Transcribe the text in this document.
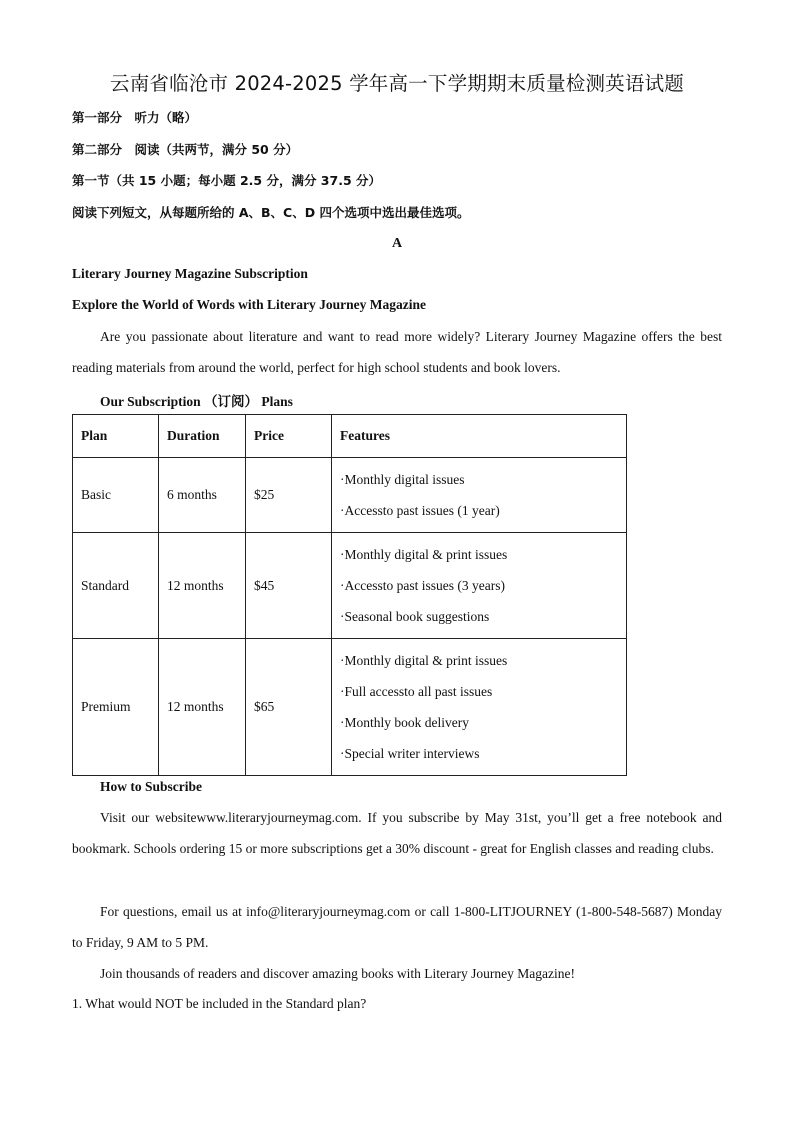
云南省临沧市 2024-2025 学年高一下学期期末质量检测英语试题
第一部分　听力（略）
第二部分　阅读（共两节，满分 50 分）
第一节（共 15 小题；每小题 2.5 分，满分 37.5 分）
阅读下列短文，从每题所给的 A、B、C、D 四个选项中选出最佳选项。
A
Literary Journey Magazine Subscription
Explore the World of Words with Literary Journey Magazine
Are you passionate about literature and want to read more widely? Literary Journey Magazine offers the best reading materials from around the world, perfect for high school students and book lovers.
Our Subscription （订阅） Plans
Plan	Duration	Price	Features
Basic	6 months	$25	·Monthly digital issues
·Accessto past issues (1 year)

Standard	12 months	$45	·Monthly digital & print issues
·Accessto past issues (3 years)
·Seasonal book suggestions

Premium	12 months	$65	·Monthly digital & print issues
·Full accessto all past issues
·Monthly book delivery
·Special writer interviews
How to Subscribe
Visit our websitewww.literaryjourneymag.com. If you subscribe by May 31st, you’ll get a free notebook and bookmark. Schools ordering 15 or more subscriptions get a 30% discount - great for English classes and reading clubs.
For questions, email us at info@literaryjourneymag.com or call 1-800-LITJOURNEY (1-800-548-5687) Monday to Friday, 9 AM to 5 PM.
Join thousands of readers and discover amazing books with Literary Journey Magazine!
1. What would NOT be included in the Standard plan?
